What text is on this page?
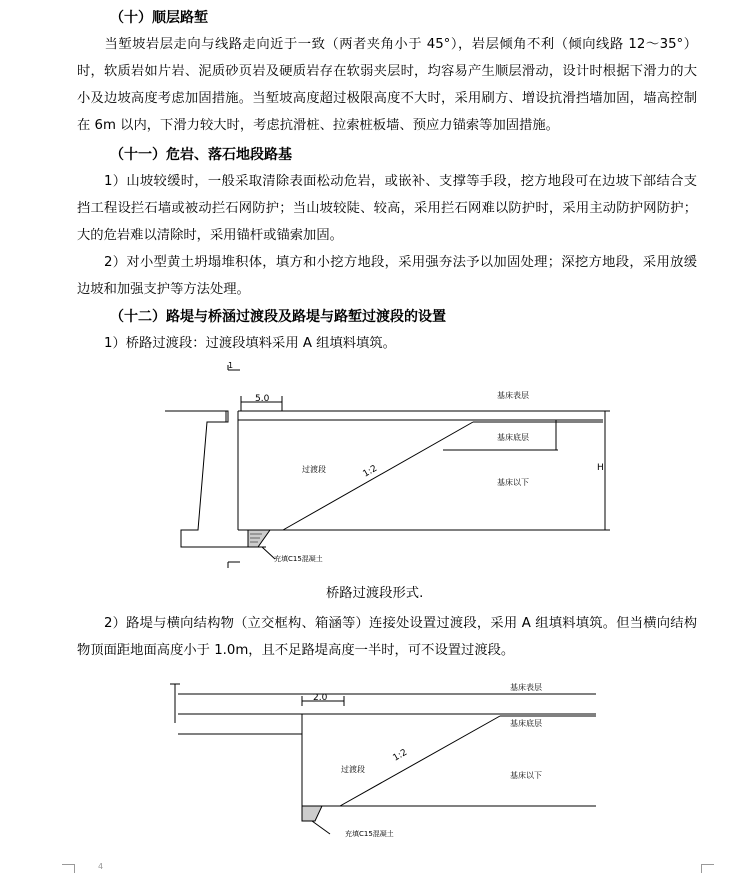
（十）顺层路堑
当堑坡岩层走向与线路走向近于一致（两者夹角小于 45°），岩层倾角不利（倾向线路 12～35°）时，软质岩如片岩、泥质砂页岩及硬质岩存在软弱夹层时，均容易产生顺层滑动，设计时根据下滑力的大小及边坡高度考虑加固措施。当堑坡高度超过极限高度不大时，采用刷方、增设抗滑挡墙加固，墙高控制在 6m 以内，下滑力较大时，考虑抗滑桩、拉索桩板墙、预应力锚索等加固措施。
（十一）危岩、落石地段路基
1）山坡较缓时，一般采取清除表面松动危岩，或嵌补、支撑等手段，挖方地段可在边坡下部结合支挡工程设拦石墙或被动拦石网防护；当山坡较陡、较高，采用拦石网难以防护时，采用主动防护网防护；大的危岩难以清除时，采用锚杆或锚索加固。
2）对小型黄土坍塌堆积体，填方和小挖方地段，采用强夯法予以加固处理；深挖方地段，采用放缓边坡和加强支护等方法处理。
（十二）路堤与桥涵过渡段及路堤与路堑过渡段的设置
1）桥路过渡段：过渡段填料采用 A 组填料填筑。
1
5.0
H
基床表层
基床底层
基床以下
过渡段	1:2
充填C15混凝土
桥路过渡段形式.
2）路堤与横向结构物（立交框构、箱涵等）连接处设置过渡段，采用 A 组填料填筑。但当横向结构物顶面距地面高度小于 1.0m，且不足路堤高度一半时，可不设置过渡段。
2.0
基床表层
基床底层
基床以下
过渡段
1:2
充填C15混凝土
4
